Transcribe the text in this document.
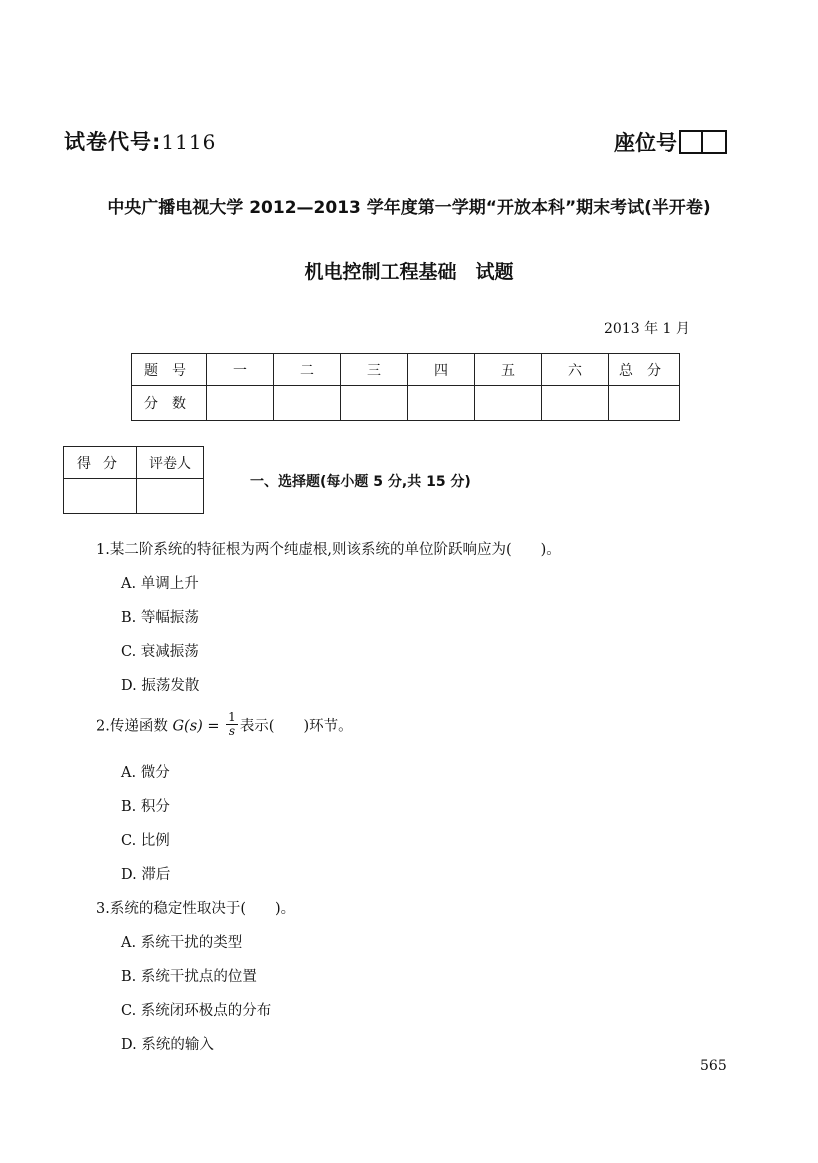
试卷代号:1116	座位号
中央广播电视大学 2012—2013 学年度第一学期“开放本科”期末考试(半开卷)
机电控制工程基础　试题
2013 年 1 月
题号	一	二	三	四	五	六	总分
分数							
得分	评卷人

一、选择题(每小题 5 分,共 15 分)
1.某二阶系统的特征根为两个纯虚根,则该系统的单位阶跃响应为(　　)。
A. 单调上升
B. 等幅振荡
C. 衰减振荡
D. 振荡发散
2.传递函数 $G(s) = \frac{1}{s}$ 表示(　　)环节。
A. 微分
B. 积分
C. 比例
D. 滞后
3.系统的稳定性取决于(　　)。
A. 系统干扰的类型
B. 系统干扰点的位置
C. 系统闭环极点的分布
D. 系统的输入
565
